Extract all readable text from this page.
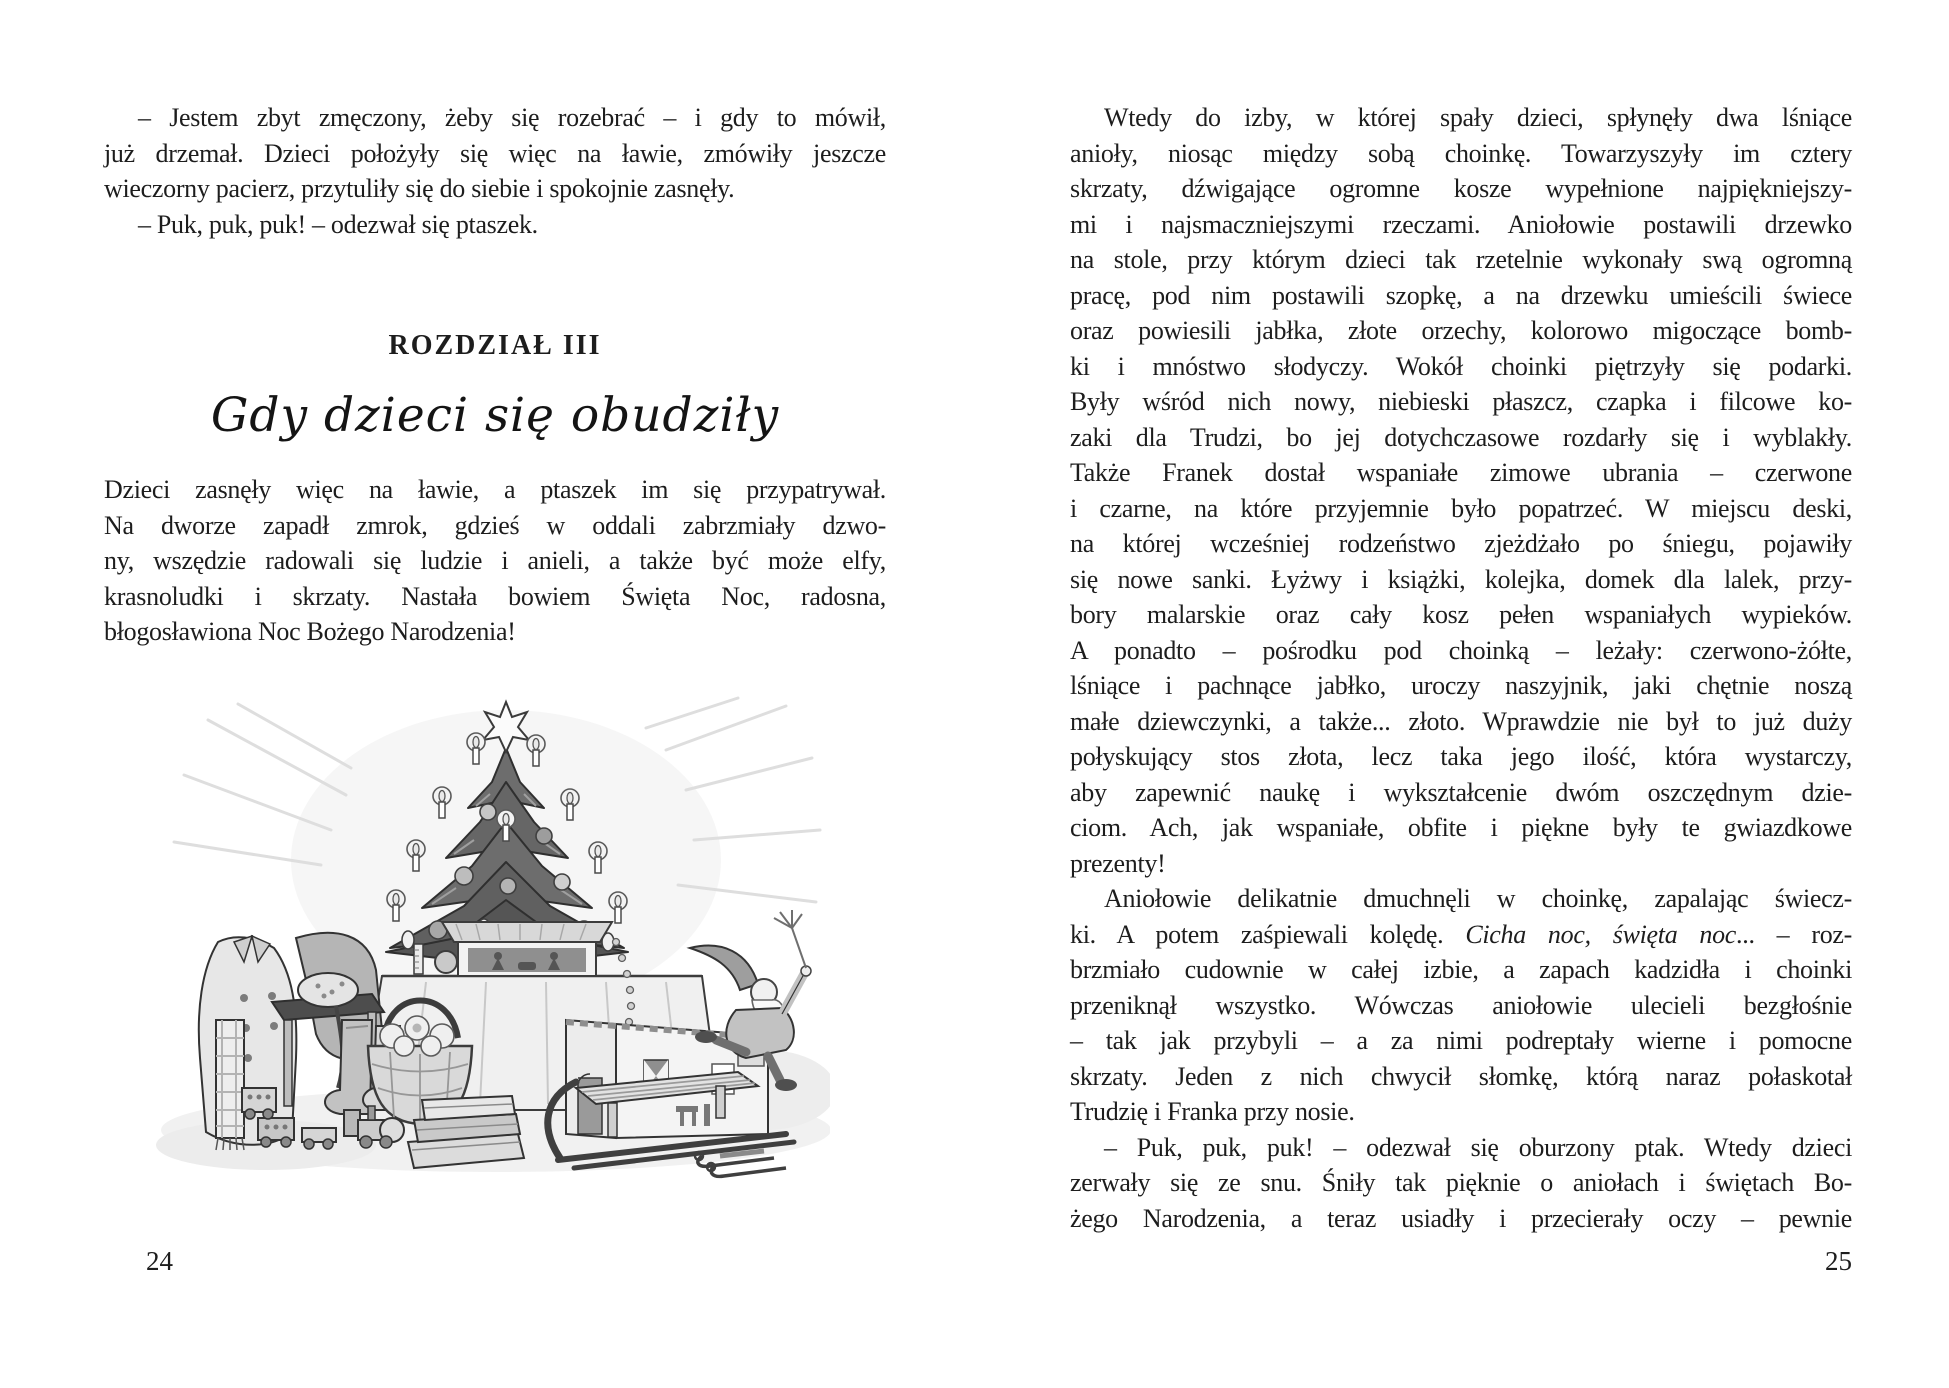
– Jestem zbyt zmęczony, żeby się rozebrać – i gdy to mówił,
już drzemał. Dzieci położyły się więc na ławie, zmówiły jeszcze
wieczorny pacierz, przytuliły się do siebie i spokojnie zasnęły.
– Puk, puk, puk! – odezwał się ptaszek.
ROZDZIAŁ III
Gdy dzieci się obudziły
Dzieci zasnęły więc na ławie, a ptaszek im się przypatrywał.
Na dworze zapadł zmrok, gdzieś w oddali zabrzmiały dzwo-
ny, wszędzie radowali się ludzie i anieli, a także być może elfy,
krasnoludki i skrzaty. Nastała bowiem Święta Noc, radosna,
błogosławiona Noc Bożego Narodzenia!
24
Wtedy do izby, w której spały dzieci, spłynęły dwa lśniące
anioły, niosąc między sobą choinkę. Towarzyszyły im cztery
skrzaty, dźwigające ogromne kosze wypełnione najpiękniejszy-
mi i najsmaczniejszymi rzeczami. Aniołowie postawili drzewko
na stole, przy którym dzieci tak rzetelnie wykonały swą ogromną
pracę, pod nim postawili szopkę, a na drzewku umieścili świece
oraz powiesili jabłka, złote orzechy, kolorowo migoczące bomb-
ki i mnóstwo słodyczy. Wokół choinki piętrzyły się podarki.
Były wśród nich nowy, niebieski płaszcz, czapka i filcowe ko-
zaki dla Trudzi, bo jej dotychczasowe rozdarły się i wyblakły.
Także Franek dostał wspaniałe zimowe ubrania – czerwone
i czarne, na które przyjemnie było popatrzeć. W miejscu deski,
na której wcześniej rodzeństwo zjeżdżało po śniegu, pojawiły
się nowe sanki. Łyżwy i książki, kolejka, domek dla lalek, przy-
bory malarskie oraz cały kosz pełen wspaniałych wypieków.
A ponadto – pośrodku pod choinką – leżały: czerwono-żółte,
lśniące i pachnące jabłko, uroczy naszyjnik, jaki chętnie noszą
małe dziewczynki, a także... złoto. Wprawdzie nie był to już duży
połyskujący stos złota, lecz taka jego ilość, która wystarczy,
aby zapewnić naukę i wykształcenie dwóm oszczędnym dzie-
ciom. Ach, jak wspaniałe, obfite i piękne były te gwiazdkowe
prezenty!
Aniołowie delikatnie dmuchnęli w choinkę, zapalając świecz-
ki. A potem zaśpiewali kolędę. Cicha noc, święta noc... – roz-
brzmiało cudownie w całej izbie, a zapach kadzidła i choinki
przeniknął wszystko. Wówczas aniołowie ulecieli bezgłośnie
– tak jak przybyli – a za nimi podreptały wierne i pomocne
skrzaty. Jeden z nich chwycił słomkę, którą naraz połaskotał
Trudzię i Franka przy nosie.
– Puk, puk, puk! – odezwał się oburzony ptak. Wtedy dzieci
zerwały się ze snu. Śniły tak pięknie o aniołach i świętach Bo-
żego Narodzenia, a teraz usiadły i przecierały oczy – pewnie
25
